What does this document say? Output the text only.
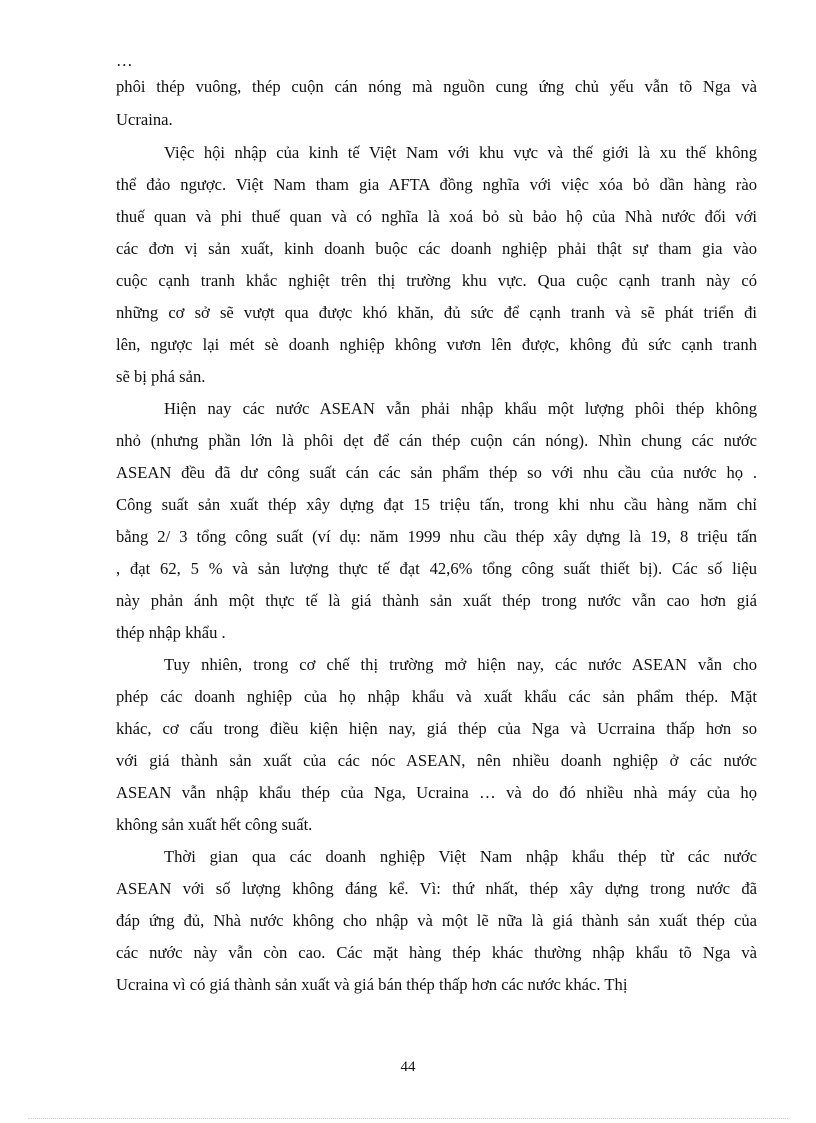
…
phôi thép vuông, thép cuộn cán nóng mà nguồn cung ứng chủ yếu vẫn tõ Nga và
Ucraina.
Việc hội nhập của kinh tế Việt Nam với khu vực và thế giới là xu thế không
thể đảo ngược. Việt Nam tham gia AFTA đồng nghĩa với việc xóa bỏ dần hàng rào
thuế quan và phi thuế quan và có nghĩa là xoá bỏ sù bảo hộ của Nhà nước đối với
các đơn vị sản xuất, kinh doanh buộc các doanh nghiệp phải thật sự tham gia vào
cuộc cạnh tranh khắc nghiệt trên thị trường khu vực. Qua cuộc cạnh tranh này có
những cơ sở sẽ vượt qua được khó khăn, đủ sức để cạnh tranh và sẽ phát triển đi
lên, ngược lại mét sè doanh nghiệp không vươn lên được, không đủ sức cạnh tranh
sẽ bị phá sản.
Hiện nay các nước ASEAN vẫn phải nhập khẩu một lượng phôi thép không
nhỏ (nhưng phần lớn là phôi dẹt để cán thép cuộn cán nóng). Nhìn chung các nước
ASEAN đều đã dư công suất cán các sản phẩm thép so với nhu cầu của nước họ .
Công suất sản xuất thép xây dựng đạt 15 triệu tấn, trong khi nhu cầu hàng năm chỉ
bằng 2/ 3 tổng công suất (ví dụ: năm 1999 nhu cầu thép xây dựng là 19, 8 triệu tấn
, đạt 62, 5 % và sản lượng thực tế đạt 42,6% tổng công suất thiết bị). Các số liệu
này phản ánh một thực tế là giá thành sản xuất thép trong nước vẫn cao hơn giá
thép nhập khẩu .
Tuy nhiên, trong cơ chế thị trường mở hiện nay, các nước ASEAN vẫn cho
phép các doanh nghiệp của họ nhập khẩu và xuất khẩu các sản phẩm thép. Mặt
khác, cơ cấu trong điều kiện hiện nay, giá thép của Nga và Ucrraina thấp hơn so
với giá thành sản xuất của các nóc ASEAN, nên nhiều doanh nghiệp ở các nước
ASEAN vẫn nhập khẩu thép của Nga, Ucraina … và do đó nhiều nhà máy của họ
không sản xuất hết công suất.
Thời gian qua các doanh nghiệp Việt Nam nhập khẩu thép từ các nước
ASEAN với số lượng không đáng kể. Vì: thứ nhất, thép xây dựng trong nước đã
đáp ứng đủ, Nhà nước không cho nhập và một lẽ nữa là giá thành sản xuất thép của
các nước này vẫn còn cao. Các mặt hàng thép khác thường nhập khẩu tõ Nga và
Ucraina vì có giá thành sản xuất và giá bán thép thấp hơn các nước khác. Thị
44
